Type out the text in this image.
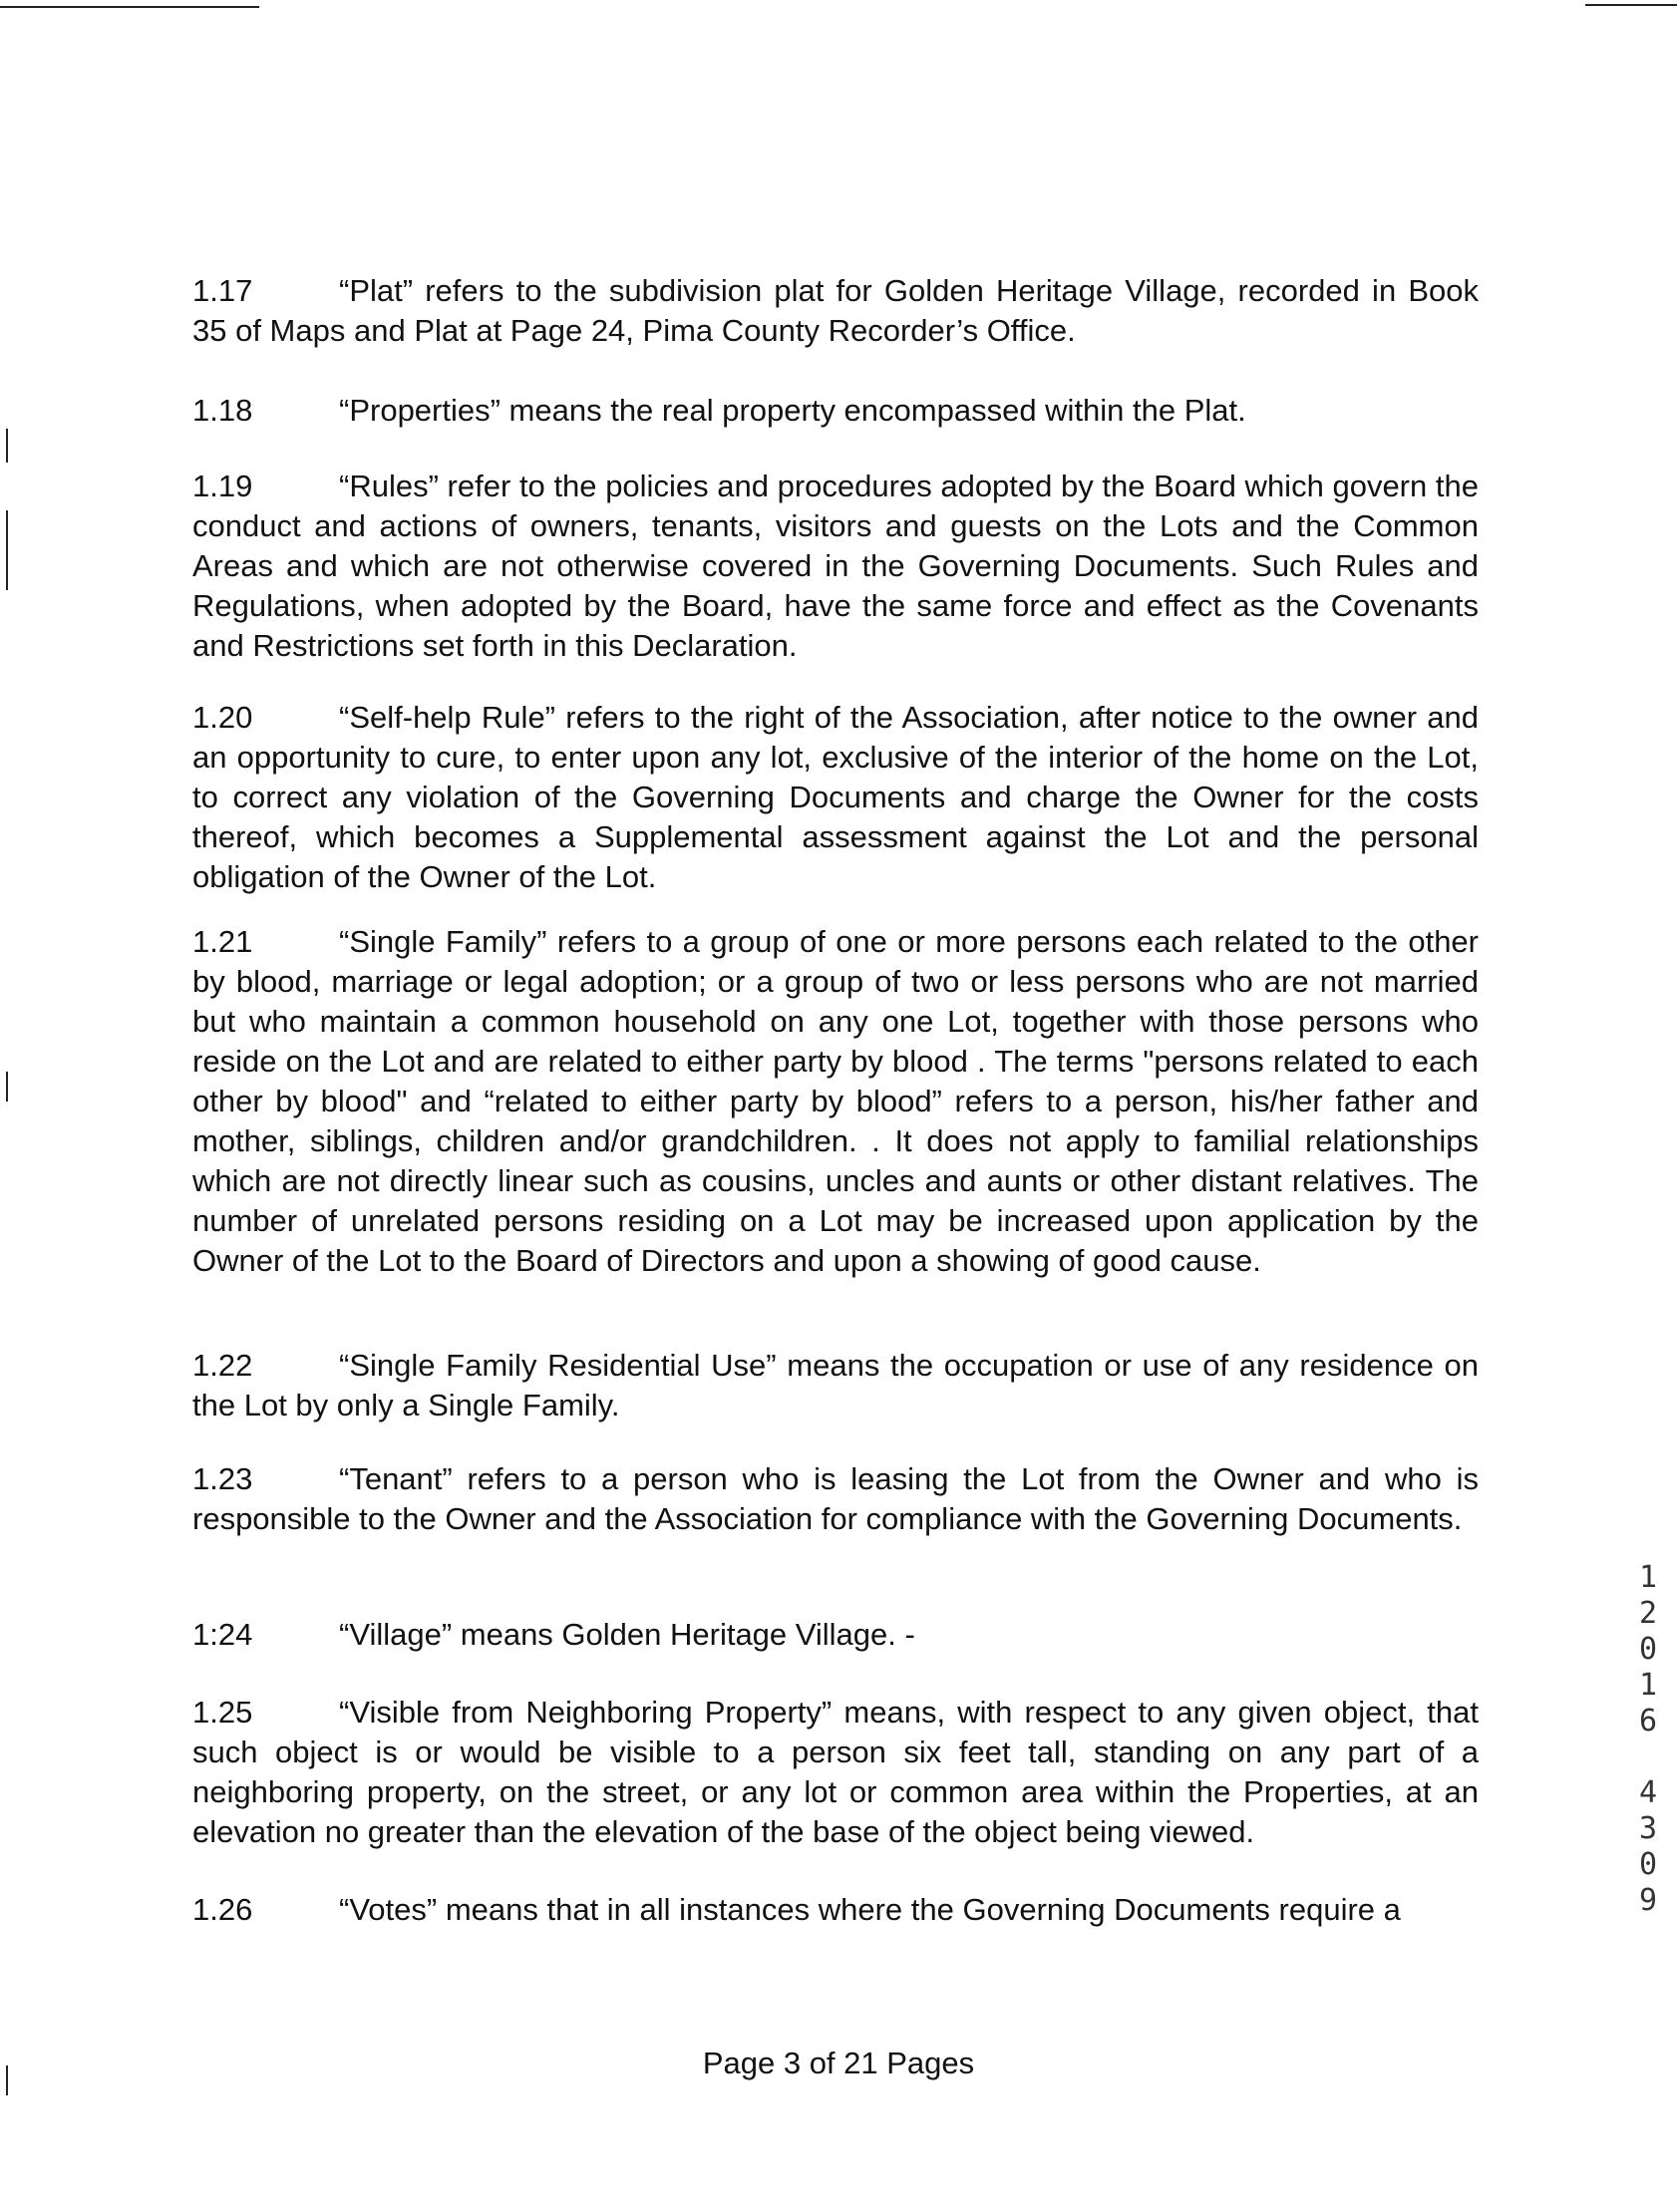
1.17	“Plat” refers to the subdivision plat for Golden Heritage Village, recorded in Book 35 of Maps and Plat at Page 24, Pima County Recorder’s Office.
1.18	“Properties” means the real property encompassed within the Plat.
1.19	“Rules” refer to the policies and procedures adopted by the Board which govern the conduct and actions of owners, tenants, visitors and guests on the Lots and the Common Areas and which are not otherwise covered in the Governing Documents. Such Rules and Regulations, when adopted by the Board, have the same force and effect as the Covenants and Restrictions set forth in this Declaration.
1.20	“Self-help Rule” refers to the right of the Association, after notice to the owner and an opportunity to cure, to enter upon any lot, exclusive of the interior of the home on the Lot, to correct any violation of the Governing Documents and charge the Owner for the costs thereof, which becomes a Supplemental assessment against the Lot and the personal obligation of the Owner of the Lot.
1.21	“Single Family” refers to a group of one or more persons each related to the other by blood, marriage or legal adoption; or a group of two or less persons who are not married but who maintain a common household on any one Lot, together with those persons who reside on the Lot and are related to either party by blood . The terms "persons related to each other by blood" and “related to either party by blood” refers to a person, his/her father and mother, siblings, children and/or grandchildren. . It does not apply to familial relationships which are not directly linear such as cousins, uncles and aunts or other distant relatives. The number of unrelated persons residing on a Lot may be increased upon application by the Owner of the Lot to the Board of Directors and upon a showing of good cause.
1.22	“Single Family Residential Use” means the occupation or use of any residence on the Lot by only a Single Family.
1.23	“Tenant” refers to a person who is leasing the Lot from the Owner and who is responsible to the Owner and the Association for compliance with the Governing Documents.
1:24	“Village” means Golden Heritage Village. -
1.25	“Visible from Neighboring Property” means, with respect to any given object, that such object is or would be visible to a person six feet tall, standing on any part of a neighboring property, on the street, or any lot or common area within the Properties, at an elevation no greater than the elevation of the base of the object being viewed.
1.26	“Votes” means that in all instances where the Governing Documents require a
Page 3 of 21 Pages
1
2
0
1
6
4
3
0
9
